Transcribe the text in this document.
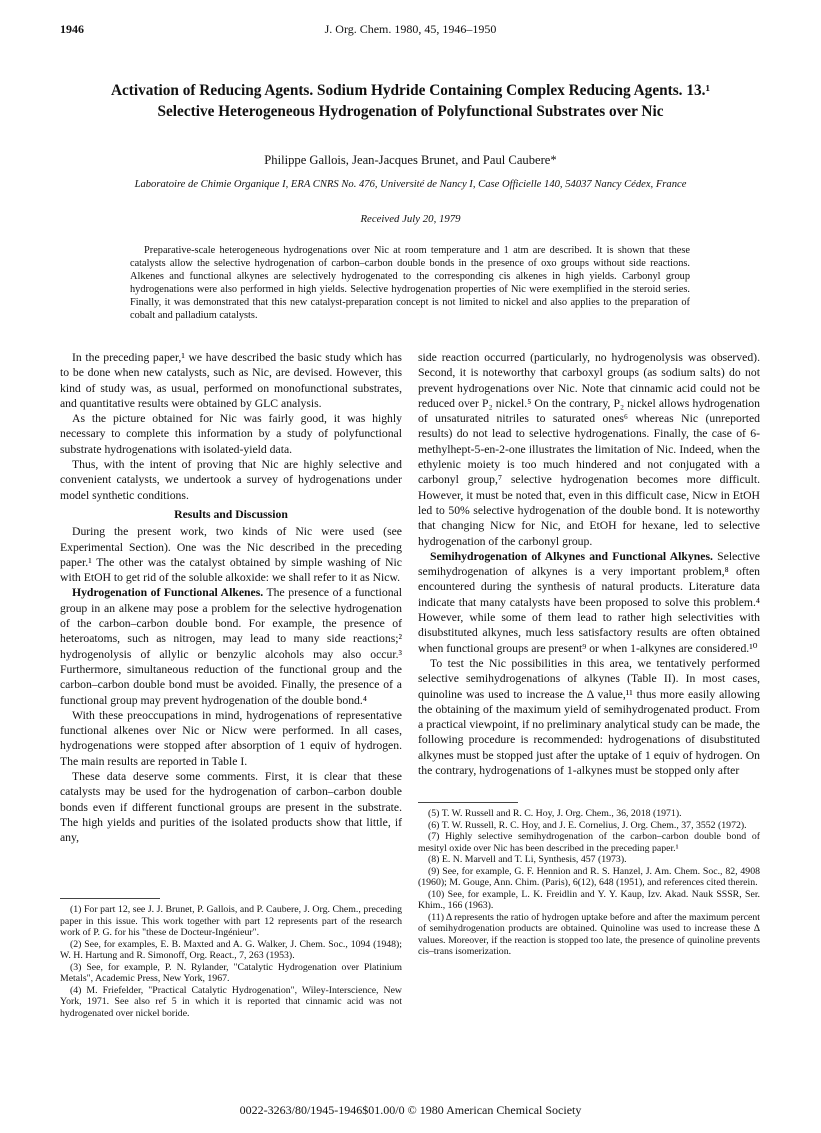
1946	J. Org. Chem. 1980, 45, 1946–1950
Activation of Reducing Agents. Sodium Hydride Containing Complex Reducing Agents. 13.¹ Selective Heterogeneous Hydrogenation of Polyfunctional Substrates over Nic
Philippe Gallois, Jean-Jacques Brunet, and Paul Caubere*
Laboratoire de Chimie Organique I, ERA CNRS No. 476, Université de Nancy I, Case Officielle 140, 54037 Nancy Cédex, France
Received July 20, 1979
Preparative-scale heterogeneous hydrogenations over Nic at room temperature and 1 atm are described. It is shown that these catalysts allow the selective hydrogenation of carbon–carbon double bonds in the presence of oxo groups without side reactions. Alkenes and functional alkynes are selectively hydrogenated to the corresponding cis alkenes in high yields. Carbonyl group hydrogenations were also performed in high yields. Selective hydrogenation properties of Nic were exemplified in the steroid series. Finally, it was demonstrated that this new catalyst-preparation concept is not limited to nickel and also applies to the preparation of cobalt and palladium catalysts.

In the preceding paper,¹ we have described the basic study which has to be done when new catalysts, such as Nic, are devised. However, this kind of study was, as usual, performed on monofunctional substrates, and quantitative results were obtained by GLC analysis.

As the picture obtained for Nic was fairly good, it was highly necessary to complete this information by a study of polyfunctional substrate hydrogenations with isolated-yield data.

Thus, with the intent of proving that Nic are highly selective and convenient catalysts, we undertook a survey of hydrogenations under model synthetic conditions.

Results and Discussion

During the present work, two kinds of Nic were used (see Experimental Section). One was the Nic described in the preceding paper.¹ The other was the catalyst obtained by simple washing of Nic with EtOH to get rid of the soluble alkoxide: we shall refer to it as Nicw.

Hydrogenation of Functional Alkenes. The presence of a functional group in an alkene may pose a problem for the selective hydrogenation of the carbon–carbon double bond. For example, the presence of heteroatoms, such as nitrogen, may lead to many side reactions;² hydrogenolysis of allylic or benzylic alcohols may also occur.³ Furthermore, simultaneous reduction of the functional group and the carbon–carbon double bond must be avoided. Finally, the presence of a functional group may prevent hydrogenation of the double bond.⁴

With these preoccupations in mind, hydrogenations of representative functional alkenes over Nic or Nicw were performed. In all cases, hydrogenations were stopped after absorption of 1 equiv of hydrogen. The main results are reported in Table I.

These data deserve some comments. First, it is clear that these catalysts may be used for the hydrogenation of carbon–carbon double bonds even if different functional groups are present in the substrate. The high yields and purities of the isolated products show that little, if any,

side reaction occurred (particularly, no hydrogenolysis was observed). Second, it is noteworthy that carboxyl groups (as sodium salts) do not prevent hydrogenations over Nic. Note that cinnamic acid could not be reduced over P₂ nickel.⁵ On the contrary, P₂ nickel allows hydrogenation of unsaturated nitriles to saturated ones⁶ whereas Nic (unreported results) do not lead to selective hydrogenations. Finally, the case of 6-methylhept-5-en-2-one illustrates the limitation of Nic. Indeed, when the ethylenic moiety is too much hindered and not conjugated with a carbonyl group,⁷ selective hydrogenation becomes more difficult. However, it must be noted that, even in this difficult case, Nicw in EtOH led to 50% selective hydrogenation of the double bond. It is noteworthy that changing Nicw for Nic, and EtOH for hexane, led to selective hydrogenation of the carbonyl group.

Semihydrogenation of Alkynes and Functional Alkynes. Selective semihydrogenation of alkynes is a very important problem,⁸ often encountered during the synthesis of natural products. Literature data indicate that many catalysts have been proposed to solve this problem.⁴ However, while some of them lead to rather high selectivities with disubstituted alkynes, much less satisfactory results are often obtained when functional groups are present⁹ or when 1-alkynes are considered.¹⁰

To test the Nic possibilities in this area, we tentatively performed selective semihydrogenations of alkynes (Table II). In most cases, quinoline was used to increase the Δ value,¹¹ thus more easily allowing the obtaining of the maximum yield of semihydrogenated product. From a practical viewpoint, if no preliminary analytical study can be made, the following procedure is recommended: hydrogenations of disubstituted alkynes must be stopped just after the uptake of 1 equiv of hydrogen. On the contrary, hydrogenations of 1-alkynes must be stopped only after

(1) For part 12, see J. J. Brunet, P. Gallois, and P. Caubere, J. Org. Chem., preceding paper in this issue. This work together with part 12 represents part of the research work of P. G. for his "these de Docteur-Ingénieur".

(2) See, for examples, E. B. Maxted and A. G. Walker, J. Chem. Soc., 1094 (1948); W. H. Hartung and R. Simonoff, Org. React., 7, 263 (1953).

(3) See, for example, P. N. Rylander, "Catalytic Hydrogenation over Platinium Metals", Academic Press, New York, 1967.

(4) M. Friefelder, "Practical Catalytic Hydrogenation", Wiley-Interscience, New York, 1971. See also ref 5 in which it is reported that cinnamic acid was not hydrogenated over nickel boride.

(5) T. W. Russell and R. C. Hoy, J. Org. Chem., 36, 2018 (1971).

(6) T. W. Russell, R. C. Hoy, and J. E. Cornelius, J. Org. Chem., 37, 3552 (1972).

(7) Highly selective semihydrogenation of the carbon–carbon double bond of mesityl oxide over Nic has been described in the preceding paper.¹

(8) E. N. Marvell and T. Li, Synthesis, 457 (1973).

(9) See, for example, G. F. Hennion and R. S. Hanzel, J. Am. Chem. Soc., 82, 4908 (1960); M. Gouge, Ann. Chim. (Paris), 6(12), 648 (1951), and references cited therein.

(10) See, for example, L. K. Freidlin and Y. Y. Kaup, Izv. Akad. Nauk SSSR, Ser. Khim., 166 (1963).

(11) Δ represents the ratio of hydrogen uptake before and after the maximum percent of semihydrogenation products are obtained. Quinoline was used to increase these Δ values. Moreover, if the reaction is stopped too late, the presence of quinoline prevents cis–trans isomerization.

0022-3263/80/1945-1946$01.00/0 © 1980 American Chemical Society
